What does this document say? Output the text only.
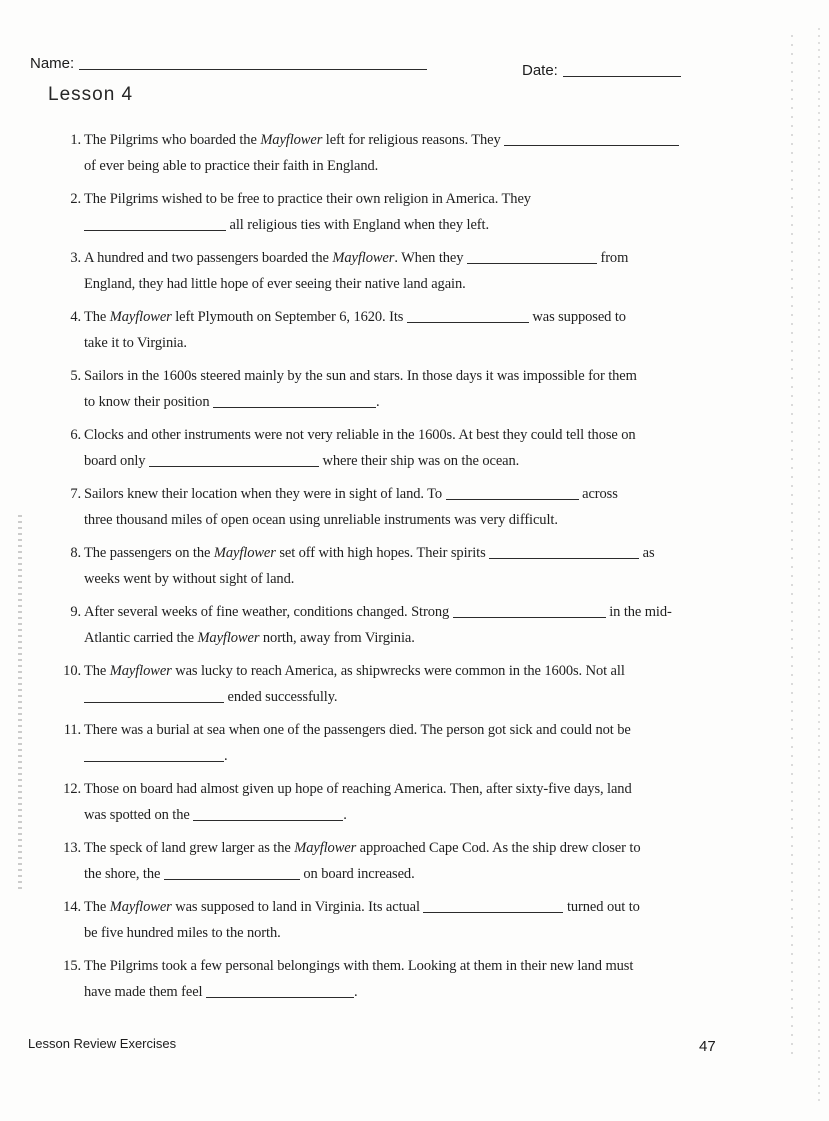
Name:	Date:
Lesson 4
1. The Pilgrims who boarded the Mayflower left for religious reasons. They
of ever being able to practice their faith in England.
2. The Pilgrims wished to be free to practice their own religion in America. They
all religious ties with England when they left.
3. A hundred and two passengers boarded the Mayflower. When they	from
England, they had little hope of ever seeing their native land again.
4. The Mayflower left Plymouth on September 6, 1620. Its	was supposed to
take it to Virginia.
5. Sailors in the 1600s steered mainly by the sun and stars. In those days it was impossible for them
to know their position	.
6. Clocks and other instruments were not very reliable in the 1600s. At best they could tell those on
board only	where their ship was on the ocean.
7. Sailors knew their location when they were in sight of land. To	across
three thousand miles of open ocean using unreliable instruments was very difficult.
8. The passengers on the Mayflower set off with high hopes. Their spirits	as
weeks went by without sight of land.
9. After several weeks of fine weather, conditions changed. Strong	in the mid-
Atlantic carried the Mayflower north, away from Virginia.
10. The Mayflower was lucky to reach America, as shipwrecks were common in the 1600s. Not all
ended successfully.
11. There was a burial at sea when one of the passengers died. The person got sick and could not be
.
12. Those on board had almost given up hope of reaching America. Then, after sixty-five days, land
was spotted on the	.
13. The speck of land grew larger as the Mayflower approached Cape Cod. As the ship drew closer to
the shore, the	on board increased.
14. The Mayflower was supposed to land in Virginia. Its actual	turned out to
be five hundred miles to the north.
15. The Pilgrims took a few personal belongings with them. Looking at them in their new land must
have made them feel	.
Lesson Review Exercises	47
